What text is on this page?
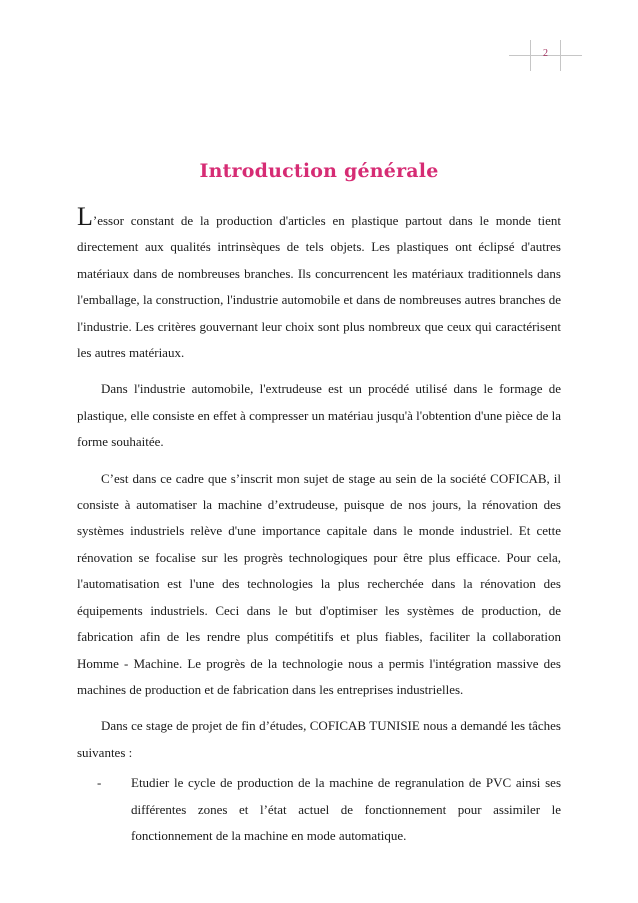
2
Introduction générale

L’essor constant de la production d'articles en plastique partout dans le monde tient directement aux qualités intrinsèques de tels objets. Les plastiques ont éclipsé d'autres matériaux dans de nombreuses branches. Ils concurrencent les matériaux traditionnels dans l'emballage, la construction, l'industrie automobile et dans de nombreuses autres branches de l'industrie. Les critères gouvernant leur choix sont plus nombreux que ceux qui caractérisent les autres matériaux.

Dans l'industrie automobile, l'extrudeuse est un procédé utilisé dans le formage de plastique, elle consiste en effet à compresser un matériau jusqu'à l'obtention d'une pièce de la forme souhaitée.

C’est dans ce cadre que s’inscrit mon sujet de stage au sein de la société COFICAB, il consiste à automatiser la machine d’extrudeuse, puisque de nos jours, la rénovation des systèmes industriels relève d'une importance capitale dans le monde industriel. Et cette rénovation se focalise sur les progrès technologiques pour être plus efficace. Pour cela, l'automatisation est l'une des technologies la plus recherchée dans la rénovation des équipements industriels. Ceci dans le but d'optimiser les systèmes de production, de fabrication afin de les rendre plus compétitifs et plus fiables, faciliter la collaboration Homme - Machine. Le progrès de la technologie nous a permis l'intégration massive des machines de production et de fabrication dans les entreprises industrielles.

Dans ce stage de projet de fin d’études, COFICAB TUNISIE nous a demandé les tâches suivantes :

- Etudier le cycle de production de la machine de regranulation de PVC ainsi ses différentes zones et l’état actuel de fonctionnement pour assimiler le fonctionnement de la machine en mode automatique.
